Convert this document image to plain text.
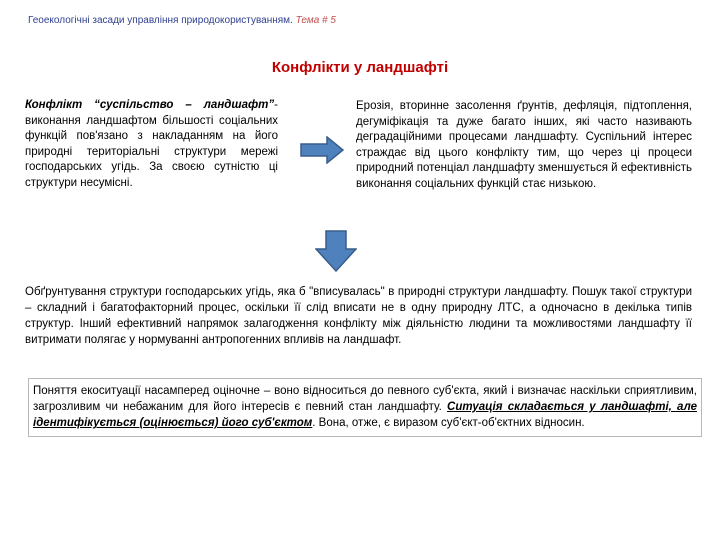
Геоекологічні засади управління природокористуванням. Тема # 5
Конфлікти у ландшафті
Конфлікт “суспільство – ландшафт”- виконання ландшафтом більшості соціальних функцій пов'язано з накладанням на його природні територіальні структури мережі господарських угідь. За своєю сутністю ці структури несумісні.
Ерозія, вторинне засолення ґрунтів, дефляція, підтоплення, дегуміфікація та дуже багато інших, які часто називають деградаційними процесами ландшафту. Суспільний інтерес страждає від цього конфлікту тим, що через ці процеси природний потенціал ландшафту зменшується й ефективність виконання соціальних функцій стає низькою.
Обґрунтування структури господарських угідь, яка б "вписувалась" в природні структури ландшафту. Пошук такої структури – складний і багатофакторний процес, оскільки її слід вписати не в одну природну ЛТС, а одночасно в декілька типів структур. Інший ефективний напрямок залагодження конфлікту між діяльністю людини та можливостями ландшафту її витримати полягає у нормуванні антропогенних впливів на ландшафт.
Поняття екоситуації насамперед оціночне – воно відноситься до певного суб'єкта, який і визначає наскільки сприятливим, загрозливим чи небажаним для його інтересів є певний стан ландшафту. Ситуація складається у ландшафті, але ідентифікується (оцінюється) його суб'єктом. Вона, отже, є виразом суб'єкт-об'єктних відносин.
